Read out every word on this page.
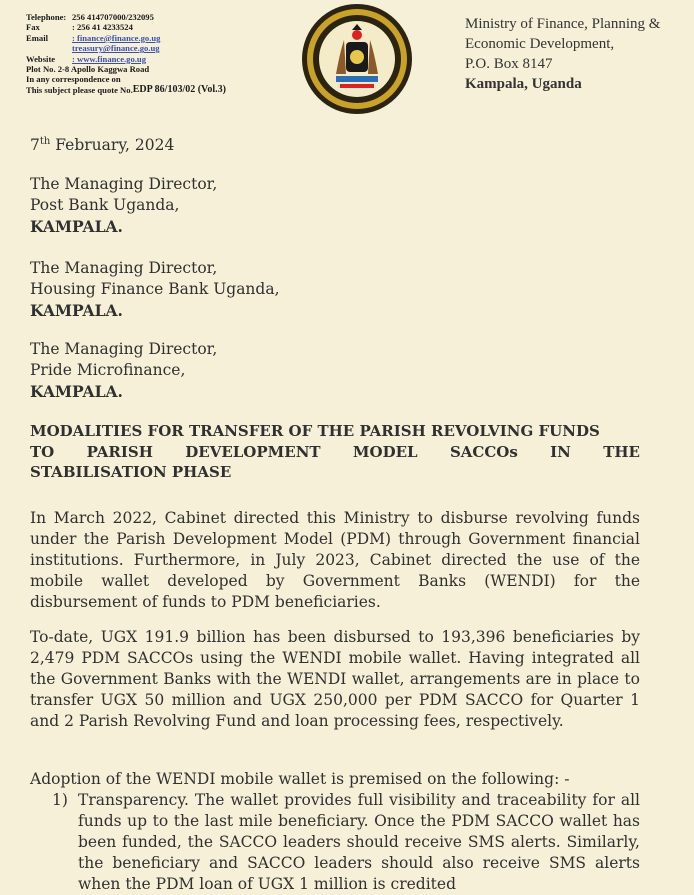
Telephone: 256 414707000/232095
Fax	: 256 41 4233524
Email	: finance@finance.go.ug
treasury@finance.go.ug
Website	: www.finance.go.ug
Plot No. 2-8 Apollo Kaggwa Road
In any correspondence on
This subject please quote No. EDP 86/103/02 (Vol.3)
Ministry of Finance, Planning &
Economic Development,
P.O. Box 8147
Kampala, Uganda
7th February, 2024
The Managing Director,
Post Bank Uganda,
KAMPALA.
The Managing Director,
Housing Finance Bank Uganda,
KAMPALA.
The Managing Director,
Pride Microfinance,
KAMPALA.
MODALITIES FOR TRANSFER OF THE PARISH REVOLVING FUNDS
TO PARISH DEVELOPMENT MODEL SACCOs IN THE
STABILISATION PHASE
In March 2022, Cabinet directed this Ministry to disburse revolving funds under the Parish Development Model (PDM) through Government financial institutions. Furthermore, in July 2023, Cabinet directed the use of the mobile wallet developed by Government Banks (WENDI) for the disbursement of funds to PDM beneficiaries.
To-date, UGX 191.9 billion has been disbursed to 193,396 beneficiaries by 2,479 PDM SACCOs using the WENDI mobile wallet. Having integrated all the Government Banks with the WENDI wallet, arrangements are in place to transfer UGX 50 million and UGX 250,000 per PDM SACCO for Quarter 1 and 2 Parish Revolving Fund and loan processing fees, respectively.
Adoption of the WENDI mobile wallet is premised on the following: -
1) Transparency. The wallet provides full visibility and traceability for all funds up to the last mile beneficiary. Once the PDM SACCO wallet has been funded, the SACCO leaders should receive SMS alerts. Similarly, the beneficiary and SACCO leaders should also receive SMS alerts when the PDM loan of UGX 1 million is credited
